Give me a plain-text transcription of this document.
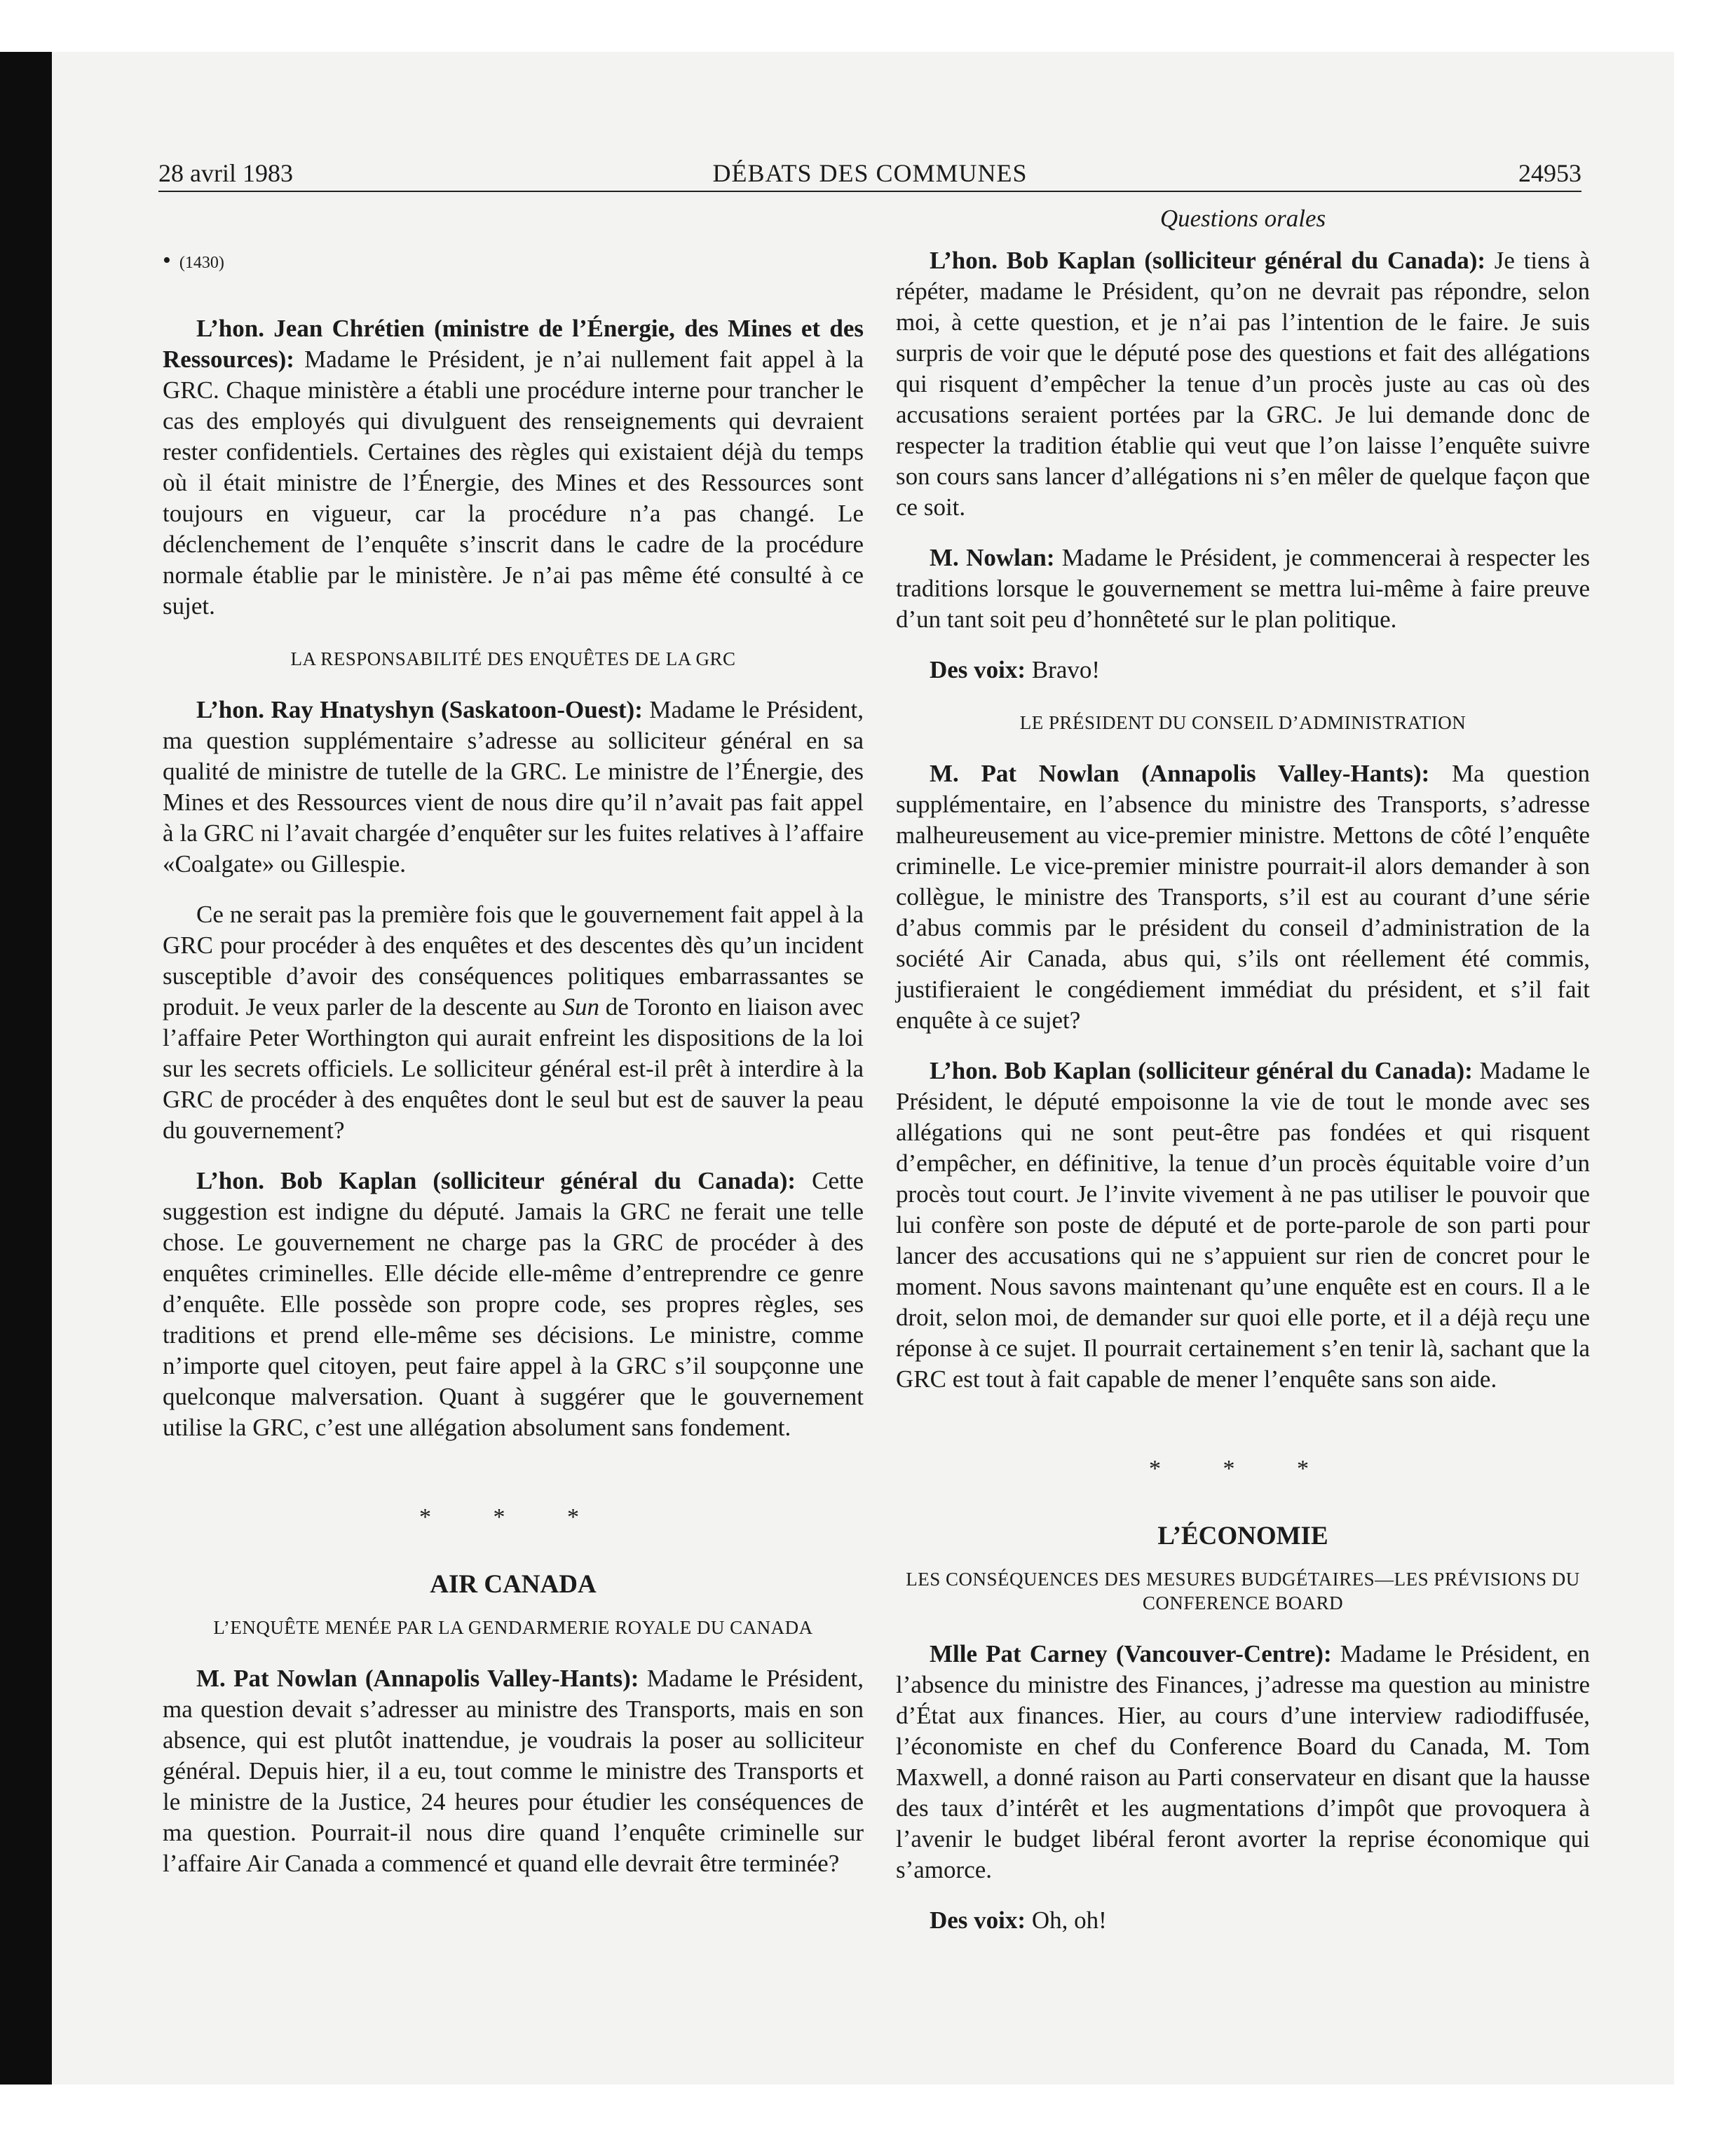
28 avril 1983	DÉBATS DES COMMUNES	24953
• (1430)

L’hon. Jean Chrétien (ministre de l’Énergie, des Mines et des Ressources): Madame le Président, je n’ai nullement fait appel à la GRC. Chaque ministère a établi une procédure interne pour trancher le cas des employés qui divulguent des renseignements qui devraient rester confidentiels. Certaines des règles qui existaient déjà du temps où il était ministre de l’Énergie, des Mines et des Ressources sont toujours en vigueur, car la procédure n’a pas changé. Le déclenchement de l’enquête s’inscrit dans le cadre de la procédure normale établie par le ministère. Je n’ai pas même été consulté à ce sujet.

LA RESPONSABILITÉ DES ENQUÊTES DE LA GRC

L’hon. Ray Hnatyshyn (Saskatoon-Ouest): Madame le Président, ma question supplémentaire s’adresse au solliciteur général en sa qualité de ministre de tutelle de la GRC. Le ministre de l’Énergie, des Mines et des Ressources vient de nous dire qu’il n’avait pas fait appel à la GRC ni l’avait chargée d’enquêter sur les fuites relatives à l’affaire «Coalgate» ou Gillespie.

Ce ne serait pas la première fois que le gouvernement fait appel à la GRC pour procéder à des enquêtes et des descentes dès qu’un incident susceptible d’avoir des conséquences politiques embarrassantes se produit. Je veux parler de la descente au Sun de Toronto en liaison avec l’affaire Peter Worthington qui aurait enfreint les dispositions de la loi sur les secrets officiels. Le solliciteur général est-il prêt à interdire à la GRC de procéder à des enquêtes dont le seul but est de sauver la peau du gouvernement?

L’hon. Bob Kaplan (solliciteur général du Canada): Cette suggestion est indigne du député. Jamais la GRC ne ferait une telle chose. Le gouvernement ne charge pas la GRC de procéder à des enquêtes criminelles. Elle décide elle-même d’entreprendre ce genre d’enquête. Elle possède son propre code, ses propres règles, ses traditions et prend elle-même ses décisions. Le ministre, comme n’importe quel citoyen, peut faire appel à la GRC s’il soupçonne une quelconque malversation. Quant à suggérer que le gouvernement utilise la GRC, c’est une allégation absolument sans fondement.

* * *
AIR CANADA
L’ENQUÊTE MENÉE PAR LA GENDARMERIE ROYALE DU CANADA

M. Pat Nowlan (Annapolis Valley-Hants): Madame le Président, ma question devait s’adresser au ministre des Transports, mais en son absence, qui est plutôt inattendue, je voudrais la poser au solliciteur général. Depuis hier, il a eu, tout comme le ministre des Transports et le ministre de la Justice, 24 heures pour étudier les conséquences de ma question. Pourrait-il nous dire quand l’enquête criminelle sur l’affaire Air Canada a commencé et quand elle devrait être terminée?

Questions orales

L’hon. Bob Kaplan (solliciteur général du Canada): Je tiens à répéter, madame le Président, qu’on ne devrait pas répondre, selon moi, à cette question, et je n’ai pas l’intention de le faire. Je suis surpris de voir que le député pose des questions et fait des allégations qui risquent d’empêcher la tenue d’un procès juste au cas où des accusations seraient portées par la GRC. Je lui demande donc de respecter la tradition établie qui veut que l’on laisse l’enquête suivre son cours sans lancer d’allégations ni s’en mêler de quelque façon que ce soit.

M. Nowlan: Madame le Président, je commencerai à respecter les traditions lorsque le gouvernement se mettra lui-même à faire preuve d’un tant soit peu d’honnêteté sur le plan politique.

Des voix: Bravo!

LE PRÉSIDENT DU CONSEIL D’ADMINISTRATION

M. Pat Nowlan (Annapolis Valley-Hants): Ma question supplémentaire, en l’absence du ministre des Transports, s’adresse malheureusement au vice-premier ministre. Mettons de côté l’enquête criminelle. Le vice-premier ministre pourrait-il alors demander à son collègue, le ministre des Transports, s’il est au courant d’une série d’abus commis par le président du conseil d’administration de la société Air Canada, abus qui, s’ils ont réellement été commis, justifieraient le congédiement immédiat du président, et s’il fait enquête à ce sujet?

L’hon. Bob Kaplan (solliciteur général du Canada): Madame le Président, le député empoisonne la vie de tout le monde avec ses allégations qui ne sont peut-être pas fondées et qui risquent d’empêcher, en définitive, la tenue d’un procès équitable voire d’un procès tout court. Je l’invite vivement à ne pas utiliser le pouvoir que lui confère son poste de député et de porte-parole de son parti pour lancer des accusations qui ne s’appuient sur rien de concret pour le moment. Nous savons maintenant qu’une enquête est en cours. Il a le droit, selon moi, de demander sur quoi elle porte, et il a déjà reçu une réponse à ce sujet. Il pourrait certainement s’en tenir là, sachant que la GRC est tout à fait capable de mener l’enquête sans son aide.

* * *
L’ÉCONOMIE
LES CONSÉQUENCES DES MESURES BUDGÉTAIRES—LES PRÉVISIONS DU CONFERENCE BOARD

Mlle Pat Carney (Vancouver-Centre): Madame le Président, en l’absence du ministre des Finances, j’adresse ma question au ministre d’État aux finances. Hier, au cours d’une interview radiodiffusée, l’économiste en chef du Conference Board du Canada, M. Tom Maxwell, a donné raison au Parti conservateur en disant que la hausse des taux d’intérêt et les augmentations d’impôt que provoquera à l’avenir le budget libéral feront avorter la reprise économique qui s’amorce.

Des voix: Oh, oh!
